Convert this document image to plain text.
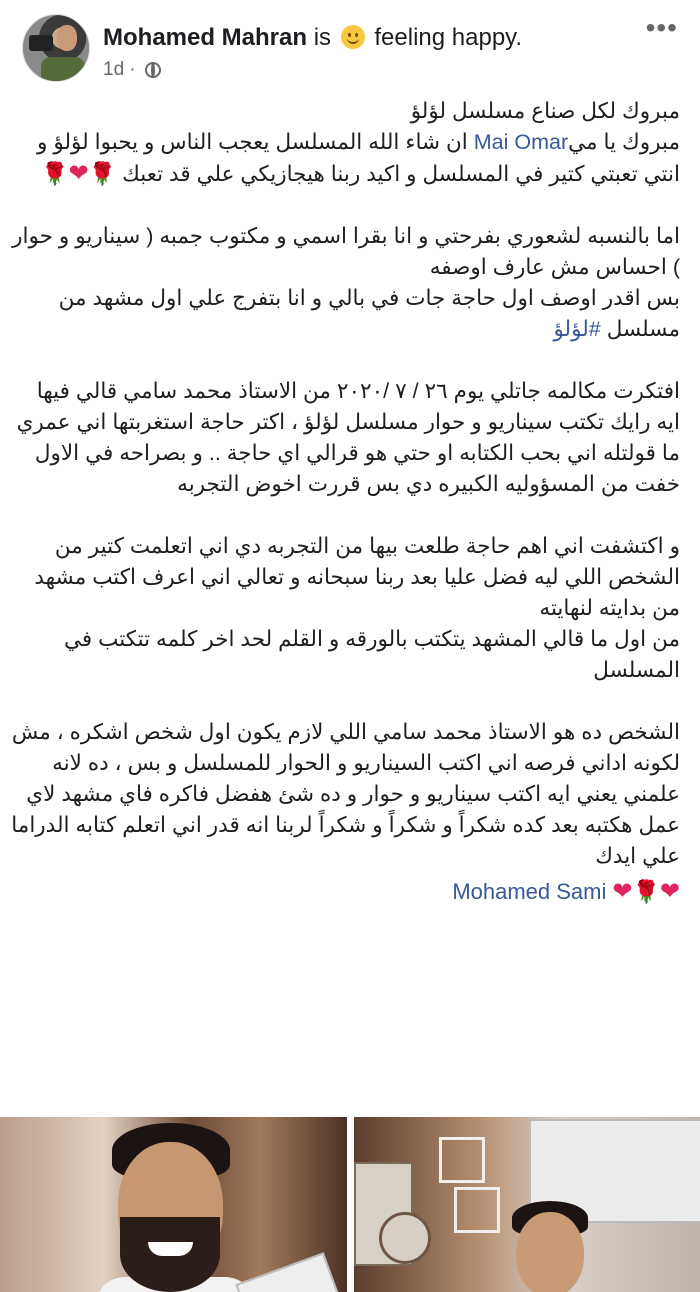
Mohamed Mahran is feeling happy.
1d ·
•••

مبروك لكل صناع مسلسل لؤلؤ
مبروك يا ميMai Omar ان شاء الله المسلسل يعجب الناس و يحبوا لؤلؤ و انتي تعبتي كتير في المسلسل و اكيد ربنا هيجازيكي علي قد تعبك 🌹❤🌹

اما بالنسبه لشعوري بفرحتي و انا بقرا اسمي و مكتوب جمبه ( سيناريو و حوار ) احساس مش عارف اوصفه
بس اقدر اوصف اول حاجة جات في بالي و انا بتفرج علي اول مشهد من مسلسل #لؤلؤ

افتكرت مكالمه جاتلي يوم ٢٦ / ٧ /٢٠٢٠ من الاستاذ محمد سامي قالي فيها ايه رايك تكتب سيناريو و حوار مسلسل لؤلؤ ، اكتر حاجة استغربتها اني عمري ما قولتله اني بحب الكتابه او حتي هو قرالي اي حاجة .. و بصراحه في الاول خفت من المسؤوليه الكبيره دي بس قررت اخوض التجربه

و اكتشفت اني اهم حاجة طلعت بيها من التجربه دي اني اتعلمت كتير من الشخص اللي ليه فضل عليا بعد ربنا سبحانه و تعالي اني اعرف اكتب مشهد من بدايته لنهايته
من اول ما قالي المشهد يتكتب بالورقه و القلم لحد اخر كلمه تتكتب في المسلسل

الشخص ده هو الاستاذ محمد سامي اللي لازم يكون اول شخص اشكره ، مش لكونه اداني فرصه اني اكتب السيناريو و الحوار للمسلسل و بس ، ده لانه علمني يعني ايه اكتب سيناريو و حوار و ده شئ هفضل فاكره فاي مشهد لاي عمل هكتبه بعد كده شكراً و شكراً و شكراً لربنا انه قدر اني اتعلم كتابه الدراما علي ايدك

❤🌹❤ Mohamed Sami
